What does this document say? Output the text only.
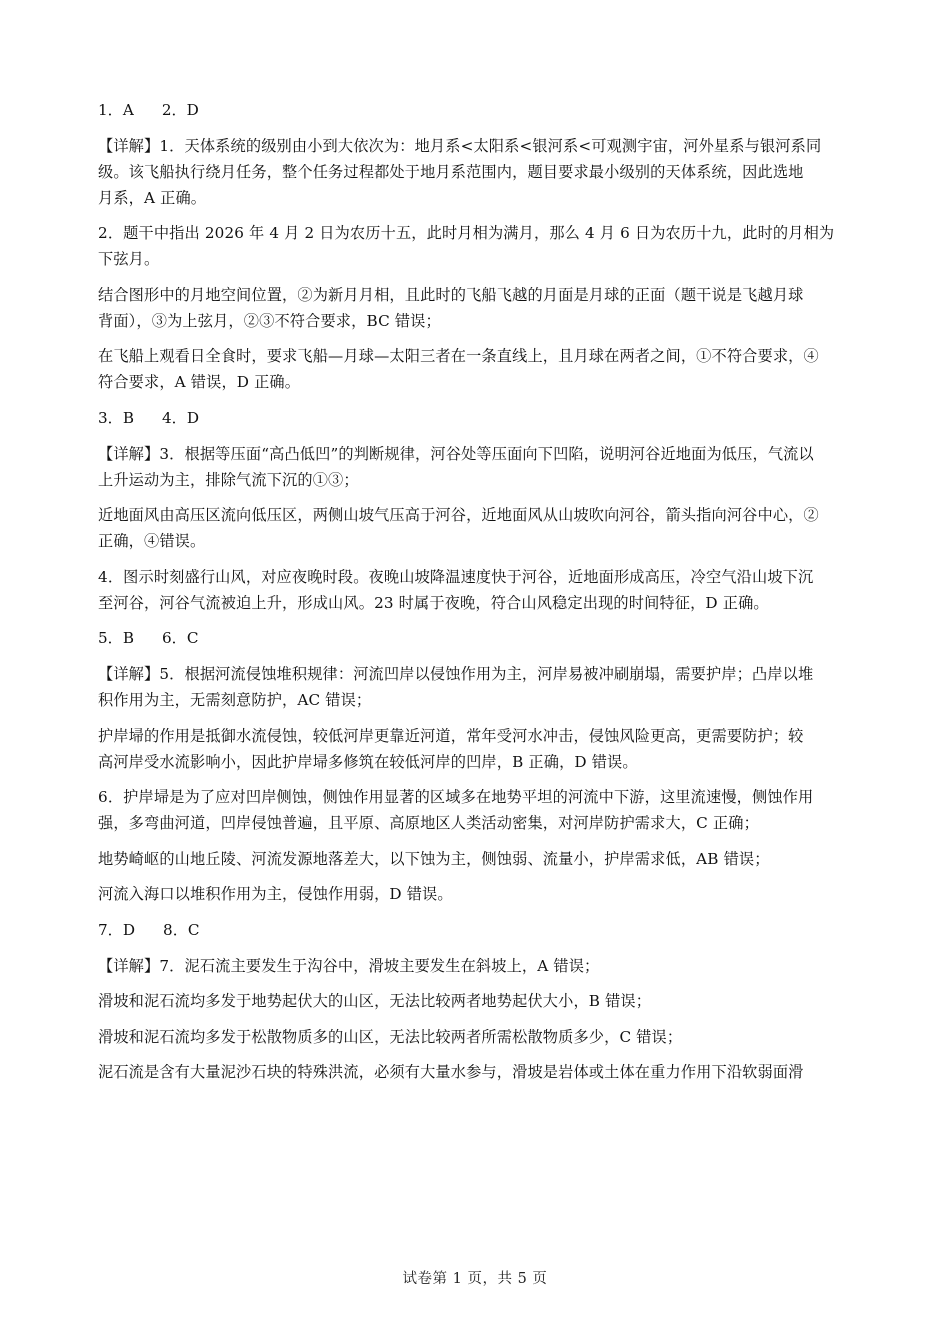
1．A 2．D
【详解】1．天体系统的级别由小到大依次为：地月系<太阳系<银河系<可观测宇宙，河外星系与银河系同
级。该飞船执行绕月任务，整个任务过程都处于地月系范围内，题目要求最小级别的天体系统，因此选地
月系，A 正确。
2．题干中指出 2026 年 4 月 2 日为农历十五，此时月相为满月，那么 4 月 6 日为农历十九，此时的月相为
下弦月。
结合图形中的月地空间位置，②为新月月相，且此时的飞船飞越的月面是月球的正面（题干说是飞越月球
背面），③为上弦月，②③不符合要求，BC 错误；
在飞船上观看日全食时，要求飞船—月球—太阳三者在一条直线上，且月球在两者之间，①不符合要求，④
符合要求，A 错误，D 正确。
3．B 4．D
【详解】3．根据等压面“高凸低凹”的判断规律，河谷处等压面向下凹陷，说明河谷近地面为低压，气流以
上升运动为主，排除气流下沉的①③；
近地面风由高压区流向低压区，两侧山坡气压高于河谷，近地面风从山坡吹向河谷，箭头指向河谷中心，②
正确，④错误。
4．图示时刻盛行山风，对应夜晚时段。夜晚山坡降温速度快于河谷，近地面形成高压，冷空气沿山坡下沉
至河谷，河谷气流被迫上升，形成山风。23 时属于夜晚，符合山风稳定出现的时间特征，D 正确。
5．B 6．C
【详解】5．根据河流侵蚀堆积规律：河流凹岸以侵蚀作用为主，河岸易被冲刷崩塌，需要护岸；凸岸以堆
积作用为主，无需刻意防护，AC 错误；
护岸埽的作用是抵御水流侵蚀，较低河岸更靠近河道，常年受河水冲击，侵蚀风险更高，更需要防护；较
高河岸受水流影响小，因此护岸埽多修筑在较低河岸的凹岸，B 正确，D 错误。
6．护岸埽是为了应对凹岸侧蚀，侧蚀作用显著的区域多在地势平坦的河流中下游，这里流速慢，侧蚀作用
强，多弯曲河道，凹岸侵蚀普遍，且平原、高原地区人类活动密集，对河岸防护需求大，C 正确；
地势崎岖的山地丘陵、河流发源地落差大，以下蚀为主，侧蚀弱、流量小，护岸需求低，AB 错误；
河流入海口以堆积作用为主，侵蚀作用弱，D 错误。
7．D 8．C
【详解】7．泥石流主要发生于沟谷中，滑坡主要发生在斜坡上，A 错误；
滑坡和泥石流均多发于地势起伏大的山区，无法比较两者地势起伏大小，B 错误；
滑坡和泥石流均多发于松散物质多的山区，无法比较两者所需松散物质多少，C 错误；
泥石流是含有大量泥沙石块的特殊洪流，必须有大量水参与，滑坡是岩体或土体在重力作用下沿软弱面滑
试卷第 1 页，共 5 页
